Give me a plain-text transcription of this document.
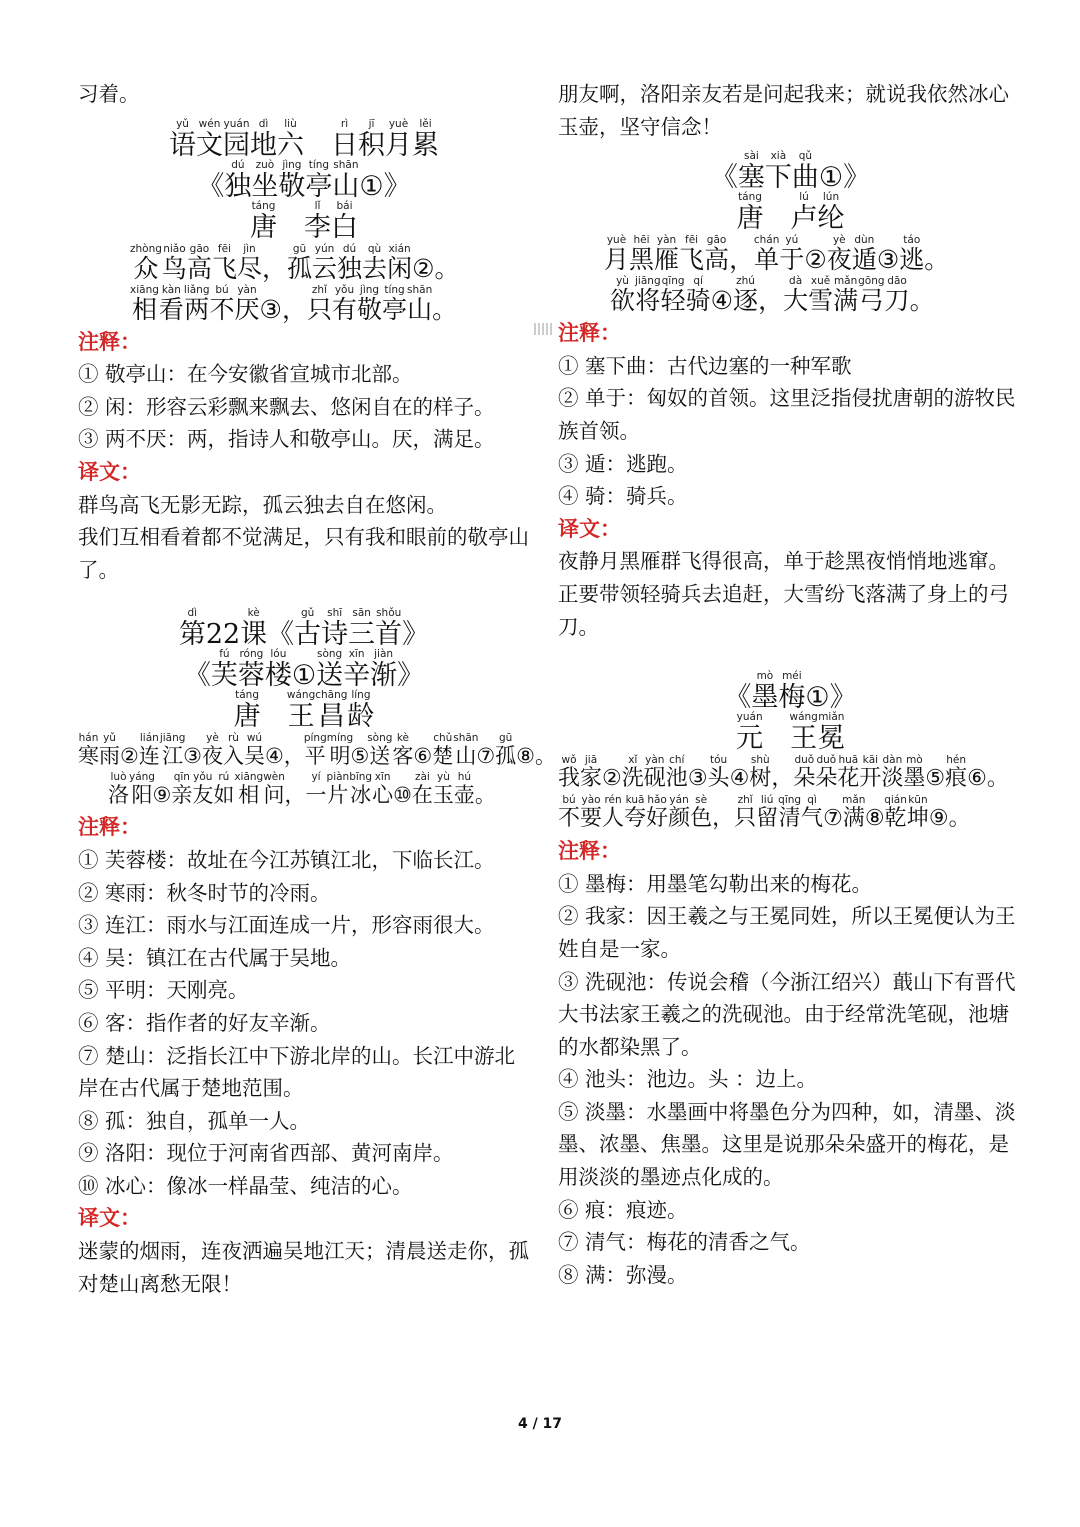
习着。
语yǔ文wén园yuán地dì六liù　日rì积jī月yuè累lěi
《独dú坐zuò敬jìng亭tíng山shān①》
唐táng　李lǐ白bái
众zhòng鸟niǎo高gāo飞fēi尽jìn，孤gū云yún独dú去qù闲xián②。
相xiāng看kàn两liǎng不bú厌yàn③，只zhǐ有yǒu敬jìng亭tíng山shān。
注释：
① 敬亭山：在今安徽省宣城市北部。
② 闲：形容云彩飘来飘去、悠闲自在的样子。
③ 两不厌：两，指诗人和敬亭山。厌，满足。
译文：
群鸟高飞无影无踪，孤云独去自在悠闲。
我们互相看着都不觉满足，只有我和眼前的敬亭山了。
第dì22课kè《古gǔ诗shī三sān首shǒu》
《芙fú蓉róng楼lóu①送sòng辛xīn渐jiàn》
唐táng　王wáng昌chāng龄líng
寒hán雨yǔ②连lián江jiāng③夜yè入rù吴wú④，平píng明míng⑤送sòng客kè⑥楚chǔ山shān⑦孤gū⑧。
洛luò阳yáng⑨亲qīn友yǒu如rú相xiāng问wèn，一yí片piàn冰bīng心xīn⑩在zài玉yù壶hú。
注释：
① 芙蓉楼：故址在今江苏镇江北，下临长江。
② 寒雨：秋冬时节的冷雨。
③ 连江：雨水与江面连成一片，形容雨很大。
④ 吴：镇江在古代属于吴地。
⑤ 平明：天刚亮。
⑥ 客：指作者的好友辛渐。
⑦ 楚山：泛指长江中下游北岸的山。长江中游北岸在古代属于楚地范围。
⑧ 孤：独自，孤单一人。
⑨ 洛阳：现位于河南省西部、黄河南岸。
⑩ 冰心：像冰一样晶莹、纯洁的心。
译文：
迷蒙的烟雨，连夜洒遍吴地江天；清晨送走你，孤对楚山离愁无限！
朋友啊，洛阳亲友若是问起我来；就说我依然冰心玉壶，坚守信念！
《塞sài下xià曲qǔ①》
唐táng　卢lú纶lún
月yuè黑hēi雁yàn飞fēi高gāo，单chán于yú②夜yè遁dùn③逃táo。
欲yù将jiāng轻qīng骑qí④逐zhú，大dà雪xuě满mǎn弓gōng刀dāo。
注释：
① 塞下曲：古代边塞的一种军歌
② 单于：匈奴的首领。这里泛指侵扰唐朝的游牧民族首领。
③ 遁：逃跑。
④ 骑：骑兵。
译文：
夜静月黑雁群飞得很高，单于趁黑夜悄悄地逃窜。
正要带领轻骑兵去追赶，大雪纷飞落满了身上的弓刀。
《墨mò梅méi①》
元yuán　王wáng冕miǎn
我wǒ家jiā②洗xǐ砚yàn池chí③头tóu④树shù，朵duǒ朵duǒ花huā开kāi淡dàn墨mò⑤痕hén⑥。
不bú要yào人rén夸kuā好hǎo颜yán色sè，只zhǐ留liú清qīng气qì⑦满mǎn⑧乾qián坤kūn⑨。
注释：
① 墨梅：用墨笔勾勒出来的梅花。
② 我家：因王羲之与王冕同姓，所以王冕便认为王姓自是一家。
③ 洗砚池：传说会稽（今浙江绍兴）蕺山下有晋代大书法家王羲之的洗砚池。由于经常洗笔砚，池塘的水都染黑了。
④ 池头：池边。头 ：边上。
⑤ 淡墨：水墨画中将墨色分为四种，如，清墨、淡墨、浓墨、焦墨。这里是说那朵朵盛开的梅花，是用淡淡的墨迹点化成的。
⑥ 痕：痕迹。
⑦ 清气：梅花的清香之气。
⑧ 满：弥漫。
4 / 17
